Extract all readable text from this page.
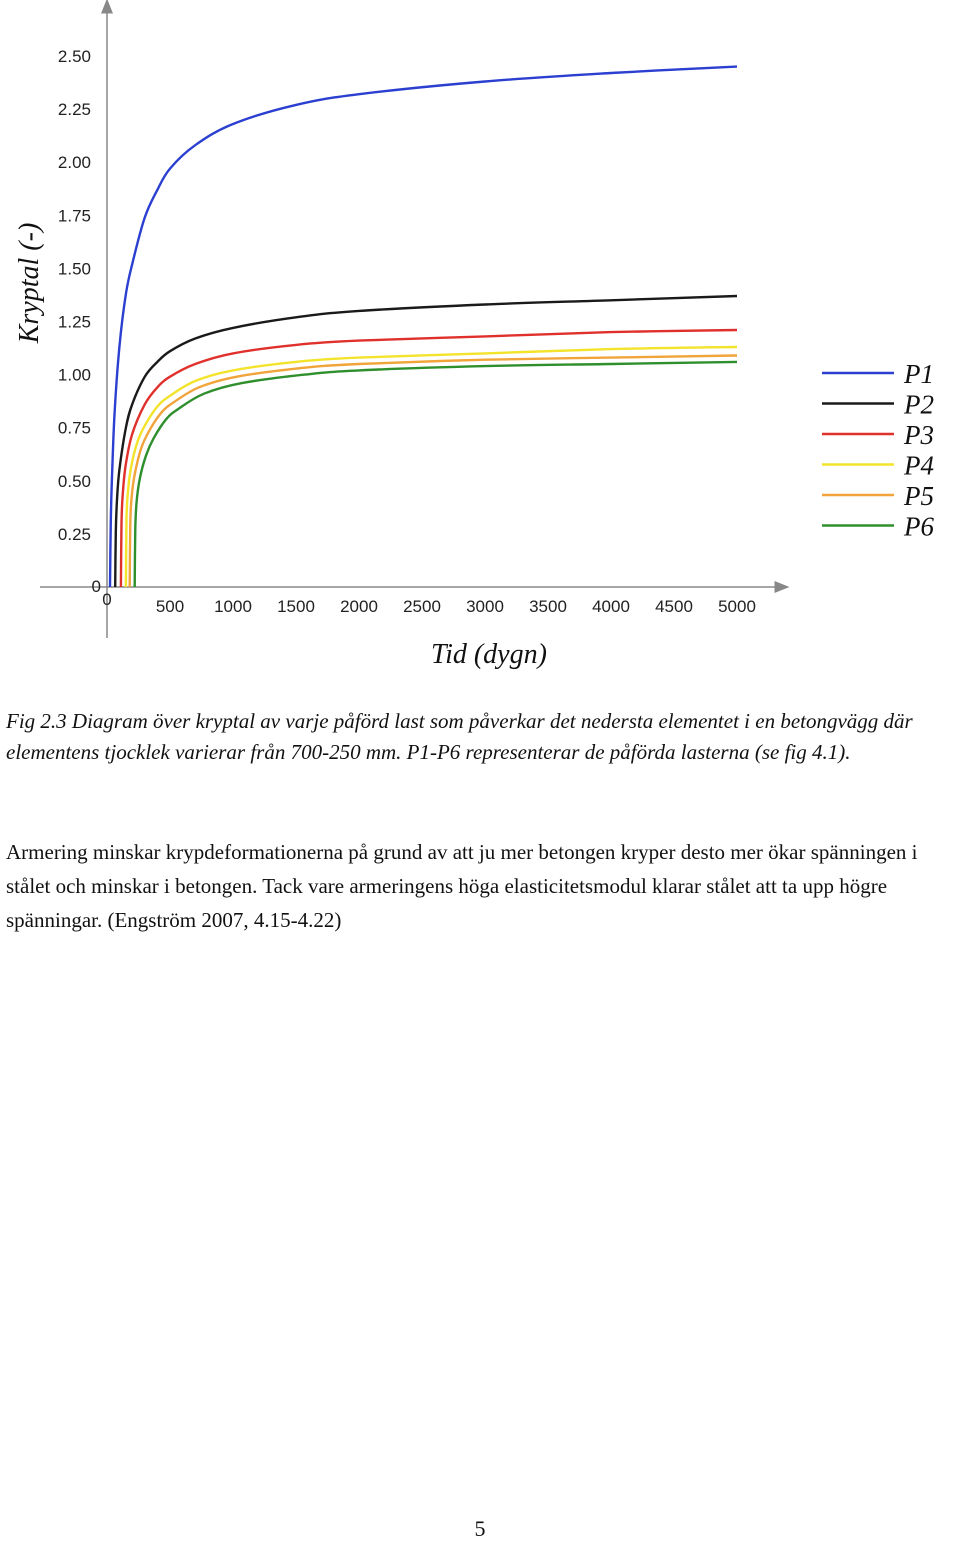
0.25
0.50
0.75
1.00
1.25
1.50
1.75
2.00
2.25
2.50
500 1000 1500 2000 2500 3000 3500 4000 4500 5000
0
0
Kryptal (-)
Tid (dygn)
P1
P2
P3
P4
P5
P6

Fig 2.3 Diagram över kryptal av varje påförd last som påverkar det nedersta elementet i en betongvägg där elementens tjocklek varierar från 700-250 mm. P1-P6 representerar de påförda lasterna (se fig 4.1).

Armering minskar krypdeformationerna på grund av att ju mer betongen kryper desto mer ökar spänningen i stålet och minskar i betongen. Tack vare armeringens höga elasticitetsmodul klarar stålet att ta upp högre spänningar. (Engström 2007, 4.15-4.22)

5
